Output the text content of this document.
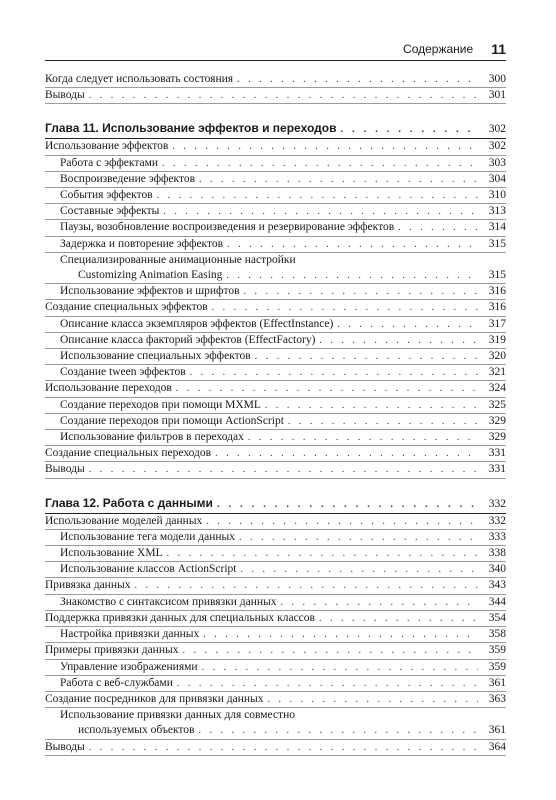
Содержание 11
Когда следует использовать состояния . . .	300
Выводы . . .	301
Глава 11. Использование эффектов и переходов . . .	302
Использование эффектов . . .	302
Работа с эффектами . . .	303
Воспроизведение эффектов . . .	304
События эффектов . . .	310
Составные эффекты . . .	313
Паузы, возобновление воспроизведения и резервирование эффектов . . .	314
Задержка и повторение эффектов . . .	315
Специализированные анимационные настройки
Customizing Animation Easing . . .	315
Использование эффектов и шрифтов . . .	316
Создание специальных эффектов . . .	316
Описание класса экземпляров эффектов (EffectInstance) . . .	317
Описание класса факторий эффектов (EffectFactory) . . .	319
Использование специальных эффектов . . .	320
Создание tween эффектов . . .	321
Использование переходов . . .	324
Создание переходов при помощи MXML . . .	325
Создание переходов при помощи ActionScript . . .	329
Использование фильтров в переходах . . .	329
Создание специальных переходов . . .	331
Выводы . . .	331
Глава 12. Работа с данными . . .	332
Использование моделей данных . . .	332
Использование тега модели данных . . .	333
Использование XML . . .	338
Использование классов ActionScript . . .	340
Привязка данных . . .	343
Знакомство с синтаксисом привязки данных . . .	344
Поддержка привязки данных для специальных классов . . .	354
Настройка привязки данных . . .	358
Примеры привязки данных . . .	359
Управление изображениями . . .	359
Работа с веб-службами . . .	361
Создание посредников для привязки данных . . .	363
Использование привязки данных для совместно
используемых объектов . . .	361
Выводы . . .	364
